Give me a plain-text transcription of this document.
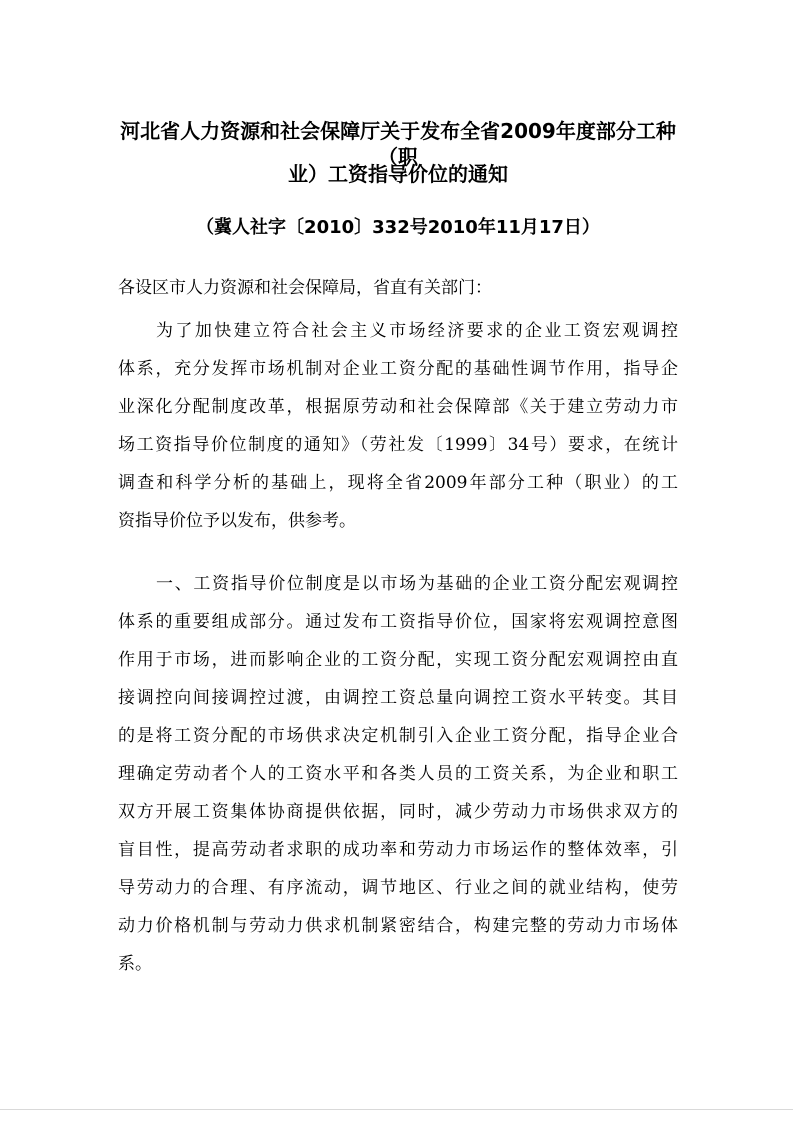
河北省人力资源和社会保障厅关于发布全省2009年度部分工种（职
业）工资指导价位的通知
（冀人社字〔2010〕332号2010年11月17日）
各设区市人力资源和社会保障局，省直有关部门：
为了加快建立符合社会主义市场经济要求的企业工资宏观调控
体系，充分发挥市场机制对企业工资分配的基础性调节作用，指导企
业深化分配制度改革，根据原劳动和社会保障部《关于建立劳动力市
场工资指导价位制度的通知》（劳社发〔1999〕34号）要求，在统计
调查和科学分析的基础上，现将全省2009年部分工种（职业）的工
资指导价位予以发布，供参考。
一、工资指导价位制度是以市场为基础的企业工资分配宏观调控
体系的重要组成部分。通过发布工资指导价位，国家将宏观调控意图
作用于市场，进而影响企业的工资分配，实现工资分配宏观调控由直
接调控向间接调控过渡，由调控工资总量向调控工资水平转变。其目
的是将工资分配的市场供求决定机制引入企业工资分配，指导企业合
理确定劳动者个人的工资水平和各类人员的工资关系，为企业和职工
双方开展工资集体协商提供依据，同时，减少劳动力市场供求双方的
盲目性，提高劳动者求职的成功率和劳动力市场运作的整体效率，引
导劳动力的合理、有序流动，调节地区、行业之间的就业结构，使劳
动力价格机制与劳动力供求机制紧密结合，构建完整的劳动力市场体
系。
